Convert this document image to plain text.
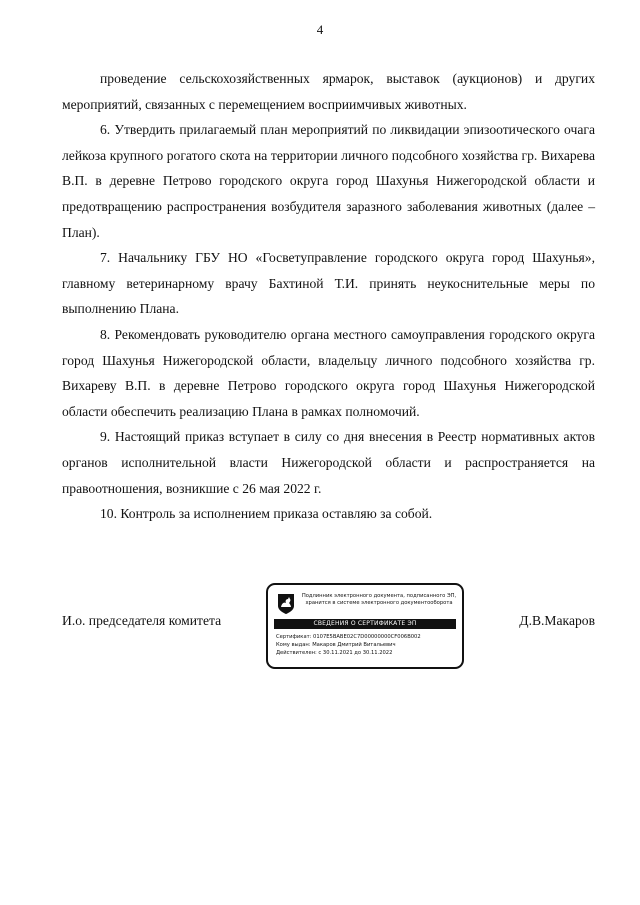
4

проведение сельскохозяйственных ярмарок, выставок (аукционов) и других мероприятий, связанных с перемещением восприимчивых животных.

6. Утвердить прилагаемый план мероприятий по ликвидации эпизоотического очага лейкоза крупного рогатого скота на территории личного подсобного хозяйства гр. Вихарева В.П. в деревне Петрово городского округа город Шахунья Нижегородской области и предотвращению распространения возбудителя заразного заболевания животных (далее – План).

7. Начальнику ГБУ НО «Госветуправление городского округа город Шахунья», главному ветеринарному врачу Бахтиной Т.И. принять неукоснительные меры по выполнению Плана.

8. Рекомендовать руководителю органа местного самоуправления городского округа город Шахунья Нижегородской области, владельцу личного подсобного хозяйства гр. Вихареву В.П. в деревне Петрово городского округа город Шахунья Нижегородской области обеспечить реализацию Плана в рамках полномочий.

9. Настоящий приказ вступает в силу со дня внесения в Реестр нормативных актов органов исполнительной власти Нижегородской области и распространяется на правоотношения, возникшие с 26 мая 2022 г.

10. Контроль за исполнением приказа оставляю за собой.

И.о. председателя комитета
Подлинник электронного документа, подписанного ЭП, хранится в системе электронного документооборота
СВЕДЕНИЯ О СЕРТИФИКАТЕ ЭП
Сертификат: 0107E5BABE02C7D00000000CF006B002
Кому выдан: Макаров Дмитрий Витальевич
Действителен: с 30.11.2021 до 30.11.2022
Д.В.Макаров
